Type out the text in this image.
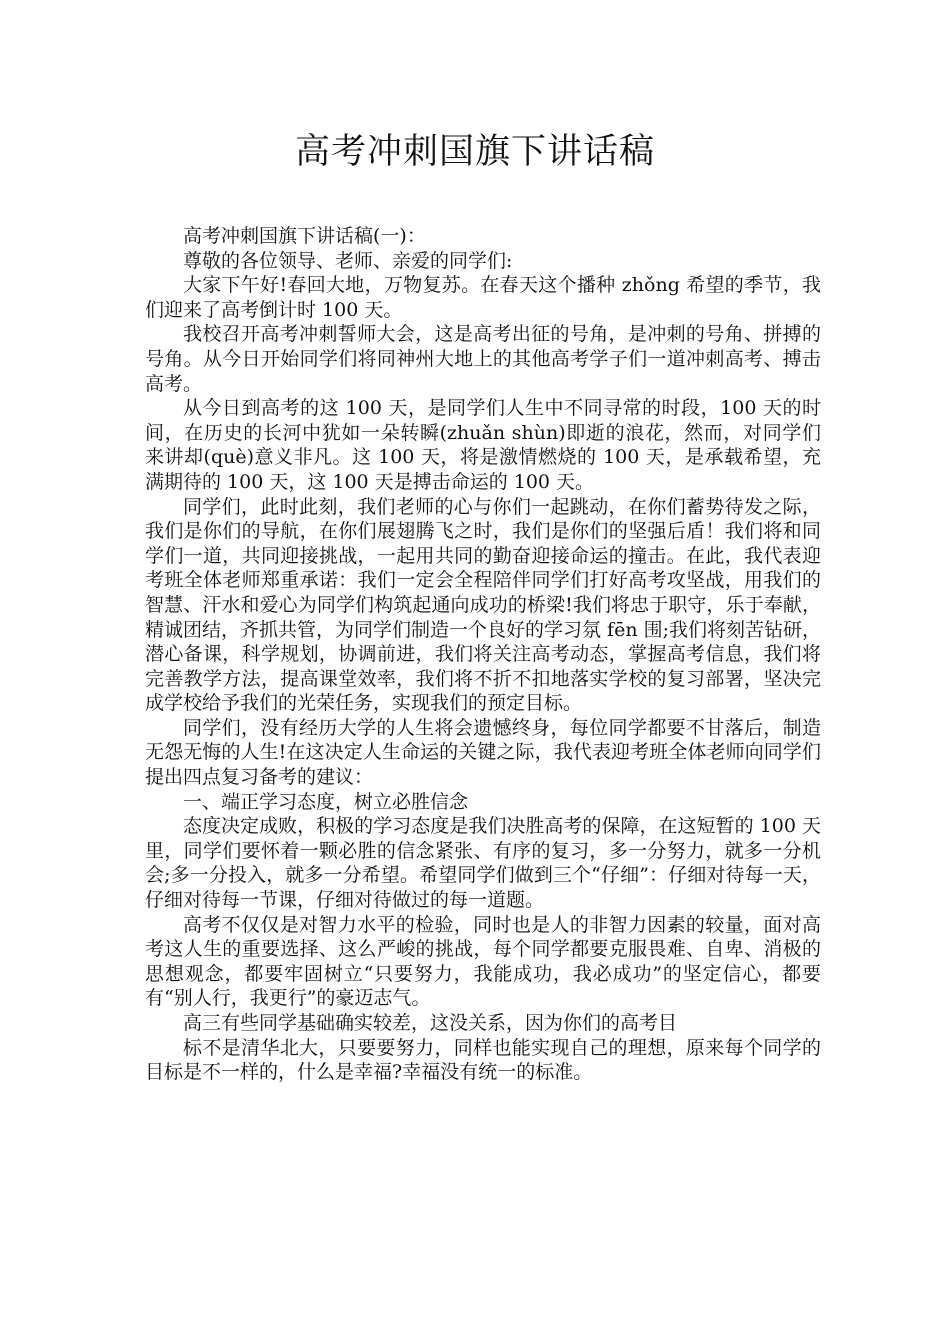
高考冲刺国旗下讲话稿

高考冲刺国旗下讲话稿(一)：

尊敬的各位领导、老师、亲爱的同学们:

大家下午好!春回大地，万物复苏。在春天这个播种 zhǒng 希望的季节，我们迎来了高考倒计时 100 天。

我校召开高考冲刺誓师大会，这是高考出征的号角，是冲刺的号角、拼搏的号角。从今日开始同学们将同神州大地上的其他高考学子们一道冲刺高考、搏击高考。

从今日到高考的这 100 天，是同学们人生中不同寻常的时段，100 天的时间，在历史的长河中犹如一朵转瞬(zhuǎn shùn)即逝的浪花，然而，对同学们来讲却(què)意义非凡。这 100 天，将是激情燃烧的 100 天，是承载希望，充满期待的 100 天，这 100 天是搏击命运的 100 天。

同学们，此时此刻，我们老师的心与你们一起跳动，在你们蓄势待发之际，我们是你们的导航，在你们展翅腾飞之时，我们是你们的坚强后盾！我们将和同学们一道，共同迎接挑战，一起用共同的勤奋迎接命运的撞击。在此，我代表迎考班全体老师郑重承诺：我们一定会全程陪伴同学们打好高考攻坚战，用我们的智慧、汗水和爱心为同学们构筑起通向成功的桥梁!我们将忠于职守，乐于奉献，精诚团结，齐抓共管，为同学们制造一个良好的学习氛 fēn 围;我们将刻苦钻研，潜心备课，科学规划，协调前进，我们将关注高考动态，掌握高考信息，我们将完善教学方法，提高课堂效率，我们将不折不扣地落实学校的复习部署，坚决完成学校给予我们的光荣任务，实现我们的预定目标。

同学们，没有经历大学的人生将会遗憾终身，每位同学都要不甘落后，制造无怨无悔的人生!在这决定人生命运的关键之际，我代表迎考班全体老师向同学们提出四点复习备考的建议：

一、端正学习态度，树立必胜信念

态度决定成败，积极的学习态度是我们决胜高考的保障，在这短暂的 100 天里，同学们要怀着一颗必胜的信念紧张、有序的复习，多一分努力，就多一分机会;多一分投入，就多一分希望。希望同学们做到三个“仔细”：仔细对待每一天，仔细对待每一节课，仔细对待做过的每一道题。

高考不仅仅是对智力水平的检验，同时也是人的非智力因素的较量，面对高考这人生的重要选择、这么严峻的挑战，每个同学都要克服畏难、自卑、消极的思想观念，都要牢固树立“只要努力，我能成功，我必成功”的坚定信心，都要有“别人行，我更行”的豪迈志气。

高三有些同学基础确实较差，这没关系，因为你们的高考目

标不是清华北大，只要要努力，同样也能实现自己的理想，原来每个同学的目标是不一样的，什么是幸福?幸福没有统一的标准。
